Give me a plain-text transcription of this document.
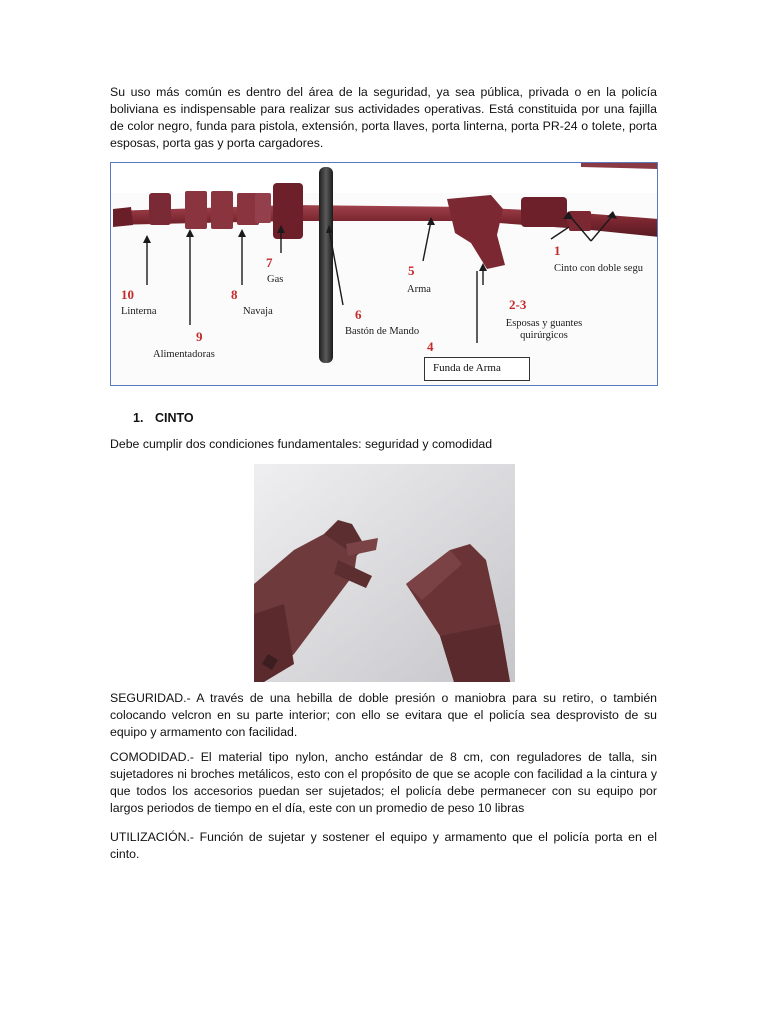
Su uso más común es dentro del área de la seguridad, ya sea pública, privada o en la policía boliviana es indispensable para realizar sus actividades operativas. Está constituida por una fajilla de color negro, funda para pistola, extensión, porta llaves, porta linterna, porta PR-24 o tolete, porta esposas, porta gas y porta cargadores.

10
Linterna
9
Alimentadoras
8
Navaja
7
Gas
6
Bastón de Mando
5
Arma
4
Funda de Arma
2-3
Esposas y guantes quirúrgicos
1
Cinto con doble segu
1. CINTO

Debe cumplir dos condiciones fundamentales: seguridad y comodidad

SEGURIDAD.- A través de una hebilla de doble presión o maniobra para su retiro, o también colocando velcron en su parte interior; con ello se evitara que el policía sea desprovisto de su equipo y armamento con facilidad.

COMODIDAD.- El material tipo nylon, ancho estándar de 8 cm, con reguladores de talla, sin sujetadores ni broches metálicos, esto con el propósito de que se acople con facilidad a la cintura y que todos los accesorios puedan ser sujetados; el policía debe permanecer con su equipo por largos periodos de tiempo en el día, este con un promedio de peso 10 libras

UTILIZACIÓN.- Función de sujetar y sostener el equipo y armamento que el policía porta en el cinto.
